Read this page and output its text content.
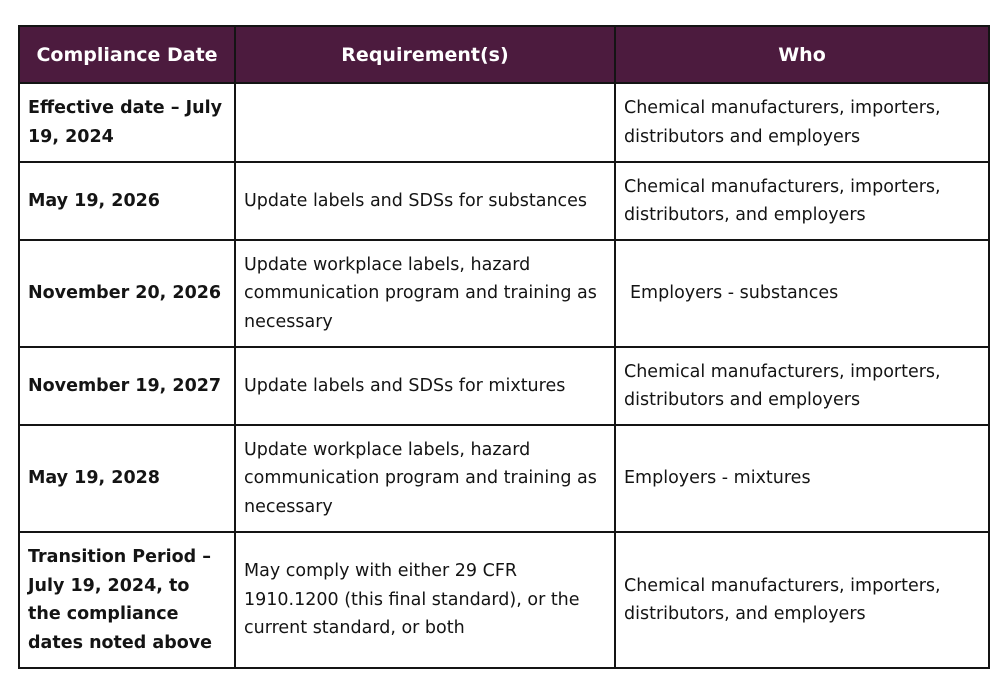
Compliance Date	Requirement(s)	Who
Effective date – July 19, 2024		Chemical manufacturers, importers, distributors and employers
May 19, 2026	Update labels and SDSs for substances	Chemical manufacturers, importers, distributors, and employers
November 20, 2026	Update workplace labels, hazard communication program and training as necessary	Employers - substances
November 19, 2027	Update labels and SDSs for mixtures	Chemical manufacturers, importers, distributors and employers
May 19, 2028	Update workplace labels, hazard communication program and training as necessary	Employers - mixtures
Transition Period – July 19, 2024, to the compliance dates noted above	May comply with either 29 CFR 1910.1200 (this final standard), or the current standard, or both	Chemical manufacturers, importers, distributors, and employers
